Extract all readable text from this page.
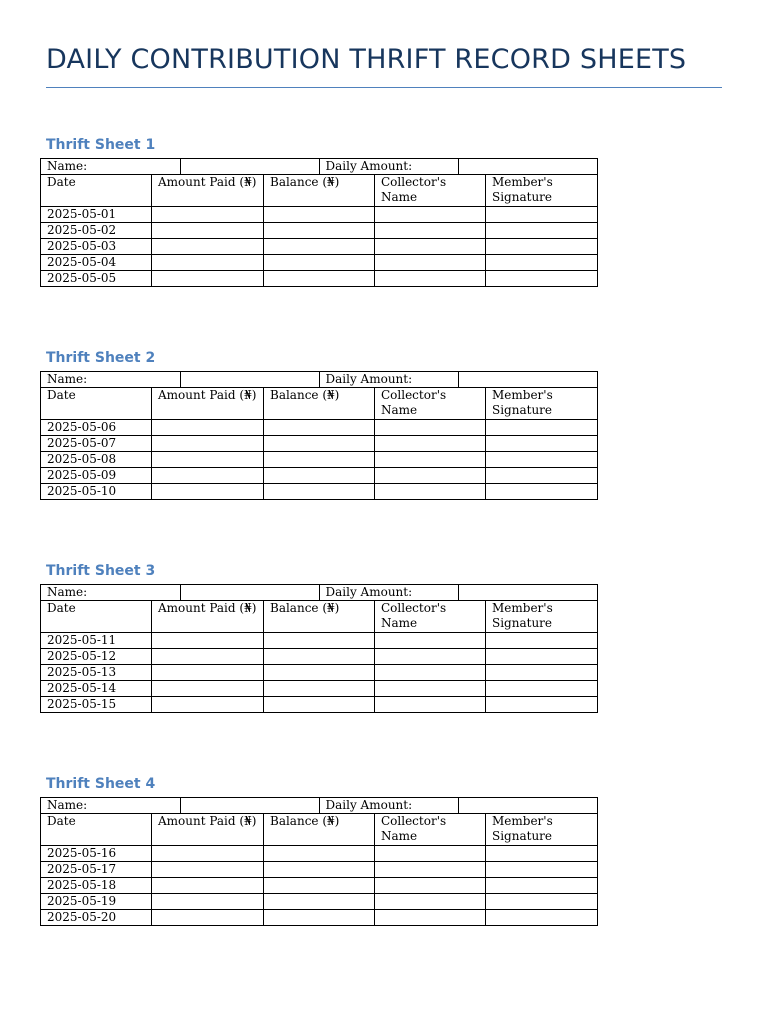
DAILY CONTRIBUTION THRIFT RECORD SHEETS
Thrift Sheet 1
Name:		Daily Amount:	

Date	Amount Paid (₦)	Balance (₦)	Collector's Name	Member's Signature
2025-05-01				
2025-05-02				
2025-05-03				
2025-05-04				
2025-05-05				
Thrift Sheet 2
Name:		Daily Amount:	

Date	Amount Paid (₦)	Balance (₦)	Collector's Name	Member's Signature
2025-05-06				
2025-05-07				
2025-05-08				
2025-05-09				
2025-05-10				
Thrift Sheet 3
Name:		Daily Amount:	

Date	Amount Paid (₦)	Balance (₦)	Collector's Name	Member's Signature
2025-05-11				
2025-05-12				
2025-05-13				
2025-05-14				
2025-05-15				
Thrift Sheet 4
Name:		Daily Amount:	

Date	Amount Paid (₦)	Balance (₦)	Collector's Name	Member's Signature
2025-05-16				
2025-05-17				
2025-05-18				
2025-05-19				
2025-05-20				
